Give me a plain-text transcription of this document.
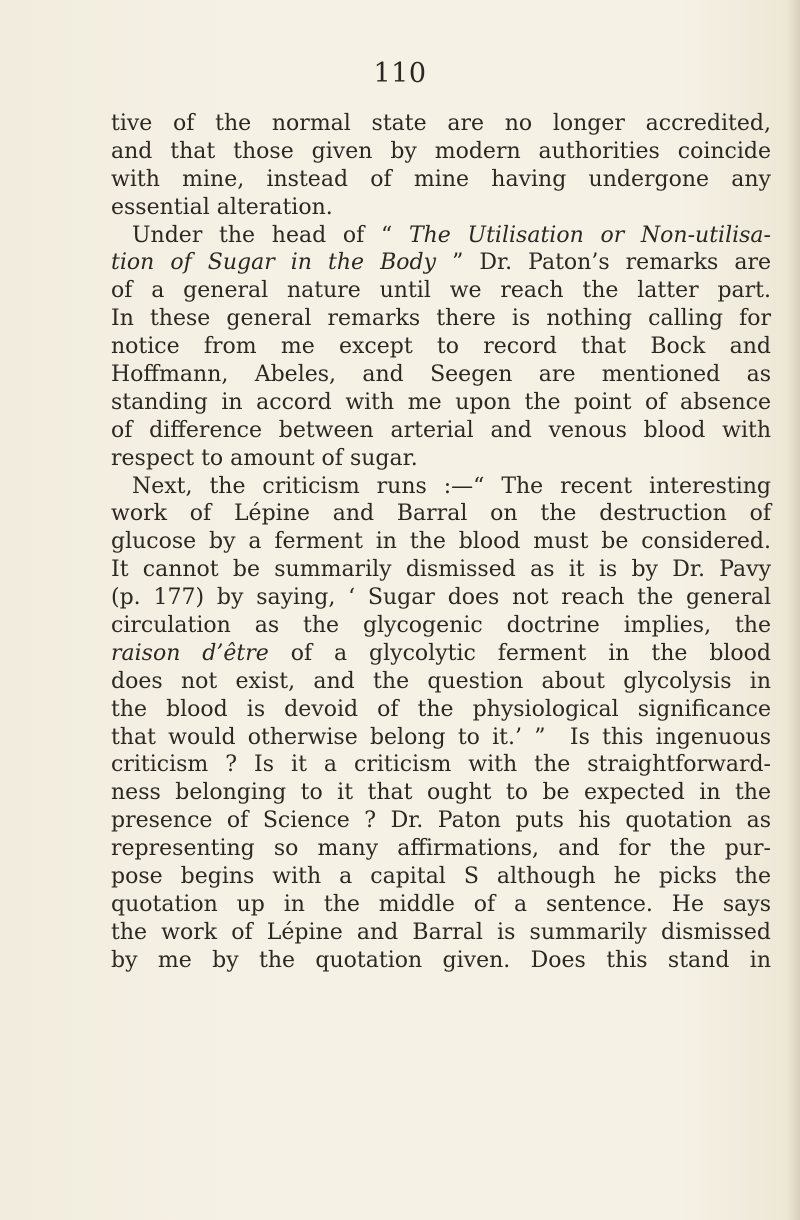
110
tive of the normal state are no longer accredited,
and that those given by modern authorities coincide
with mine, instead of mine having undergone any
essential alteration.
Under the head of “ The Utilisation or Non-utilisa-
tion of Sugar in the Body ” Dr. Paton’s remarks are
of a general nature until we reach the latter part.
In these general remarks there is nothing calling for
notice from me except to record that Bock and
Hoffmann, Abeles, and Seegen are mentioned as
standing in accord with me upon the point of absence
of difference between arterial and venous blood with
respect to amount of sugar.
Next, the criticism runs :—“ The recent interesting
work of Lépine and Barral on the destruction of
glucose by a ferment in the blood must be considered.
It cannot be summarily dismissed as it is by Dr. Pavy
(p. 177) by saying, ‘ Sugar does not reach the general
circulation as the glycogenic doctrine implies, the
raison d’être of a glycolytic ferment in the blood
does not exist, and the question about glycolysis in
the blood is devoid of the physiological significance
that would otherwise belong to it.’ ”  Is this ingenuous
criticism ? Is it a criticism with the straightforward-
ness belonging to it that ought to be expected in the
presence of Science ? Dr. Paton puts his quotation as
representing so many affirmations, and for the pur-
pose begins with a capital S although he picks the
quotation up in the middle of a sentence. He says
the work of Lépine and Barral is summarily dismissed
by me by the quotation given. Does this stand in
